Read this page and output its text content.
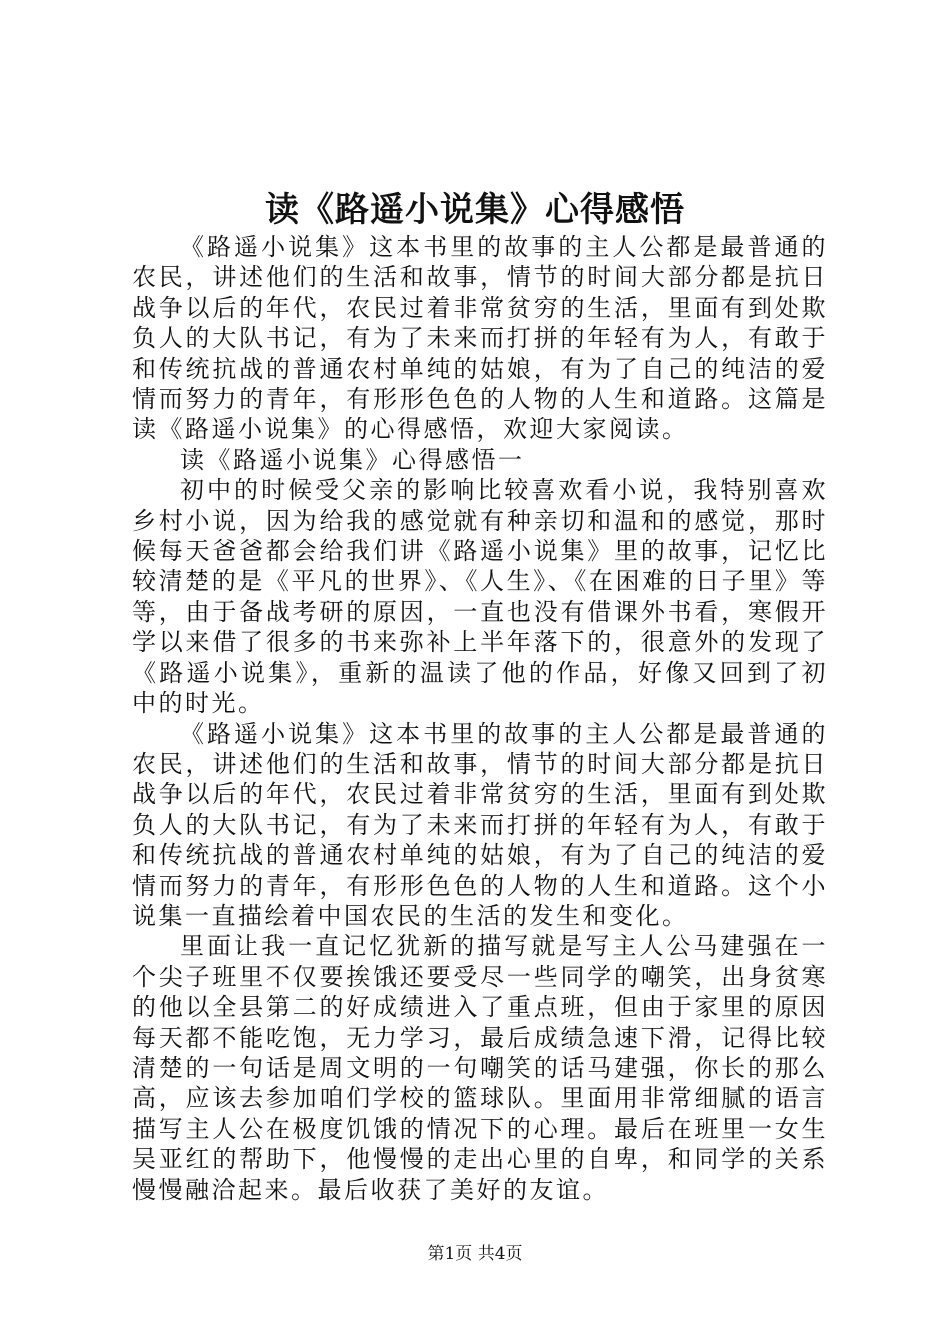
读《路遥小说集》心得感悟

《路遥小说集》这本书里的故事的主人公都是最普通的农民，讲述他们的生活和故事，情节的时间大部分都是抗日战争以后的年代，农民过着非常贫穷的生活，里面有到处欺负人的大队书记，有为了未来而打拼的年轻有为人，有敢于和传统抗战的普通农村单纯的姑娘，有为了自己的纯洁的爱情而努力的青年，有形形色色的人物的人生和道路。这篇是读《路遥小说集》的心得感悟，欢迎大家阅读。

读《路遥小说集》心得感悟一

初中的时候受父亲的影响比较喜欢看小说，我特别喜欢乡村小说，因为给我的感觉就有种亲切和温和的感觉，那时候每天爸爸都会给我们讲《路遥小说集》里的故事，记忆比较清楚的是《平凡的世界》、《人生》、《在困难的日子里》等等，由于备战考研的原因，一直也没有借课外书看，寒假开学以来借了很多的书来弥补上半年落下的，很意外的发现了《路遥小说集》，重新的温读了他的作品，好像又回到了初中的时光。

《路遥小说集》这本书里的故事的主人公都是最普通的农民，讲述他们的生活和故事，情节的时间大部分都是抗日战争以后的年代，农民过着非常贫穷的生活，里面有到处欺负人的大队书记，有为了未来而打拼的年轻有为人，有敢于和传统抗战的普通农村单纯的姑娘，有为了自己的纯洁的爱情而努力的青年，有形形色色的人物的人生和道路。这个小说集一直描绘着中国农民的生活的发生和变化。

里面让我一直记忆犹新的描写就是写主人公马建强在一个尖子班里不仅要挨饿还要受尽一些同学的嘲笑，出身贫寒的他以全县第二的好成绩进入了重点班，但由于家里的原因每天都不能吃饱，无力学习，最后成绩急速下滑，记得比较清楚的一句话是周文明的一句嘲笑的话马建强，你长的那么高，应该去参加咱们学校的篮球队。里面用非常细腻的语言描写主人公在极度饥饿的情况下的心理。最后在班里一女生吴亚红的帮助下，他慢慢的走出心里的自卑，和同学的关系慢慢融洽起来。最后收获了美好的友谊。

第1页 共4页
